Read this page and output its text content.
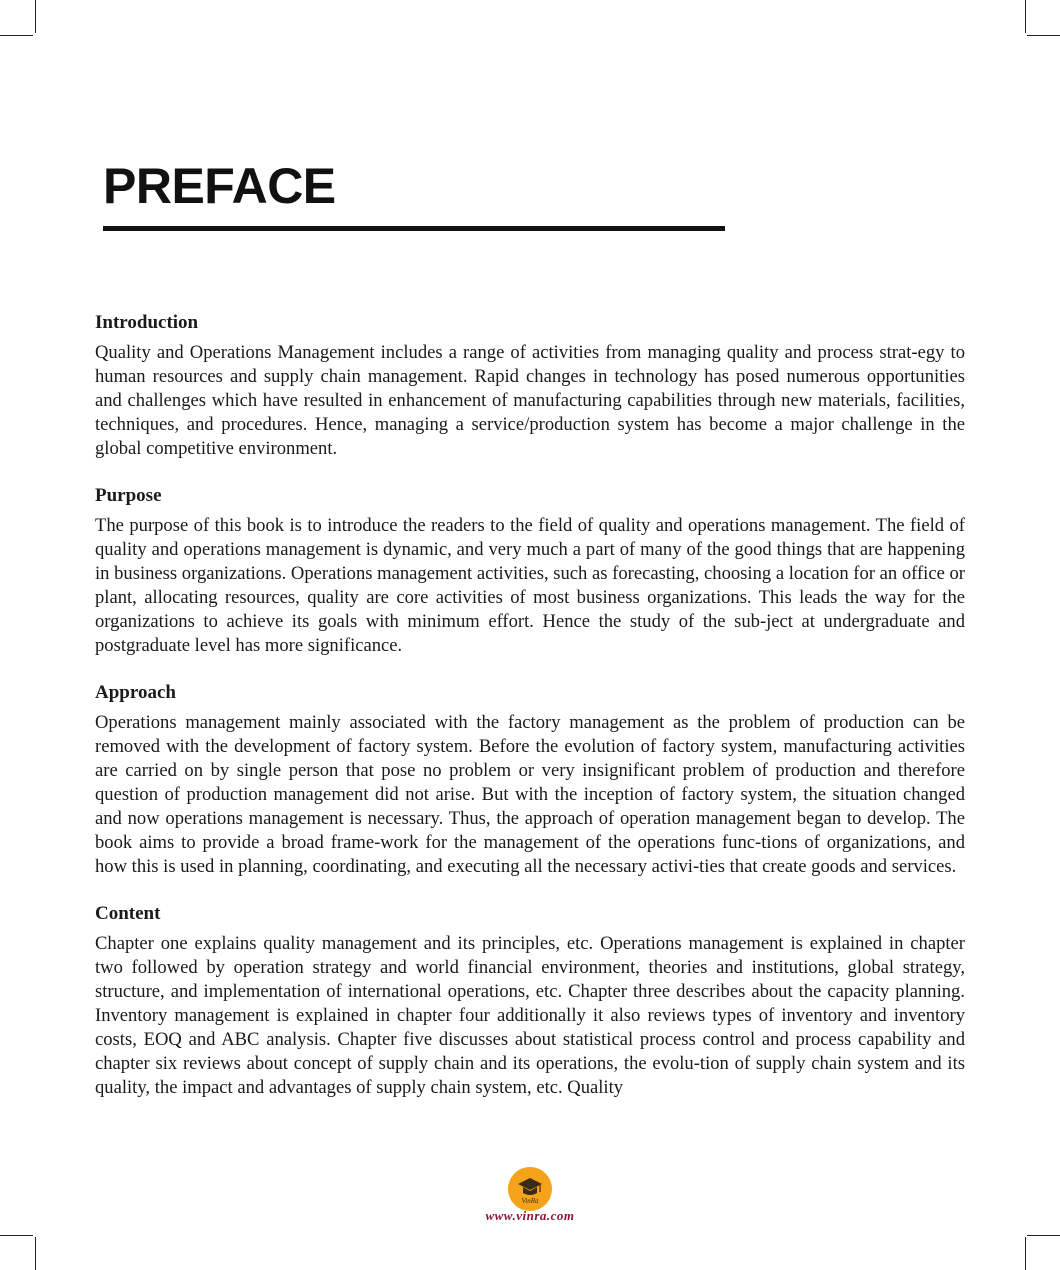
PREFACE
Introduction

Quality and Operations Management includes a range of activities from managing quality and process strat-egy to human resources and supply chain management. Rapid changes in technology has posed numerous opportunities and challenges which have resulted in enhancement of manufacturing capabilities through new materials, facilities, techniques, and procedures. Hence, managing a service/production system has become a major challenge in the global competitive environment.

Purpose

The purpose of this book is to introduce the readers to the field of quality and operations management. The field of quality and operations management is dynamic, and very much a part of many of the good things that are happening in business organizations. Operations management activities, such as forecasting, choosing a location for an office or plant, allocating resources, quality are core activities of most business organizations. This leads the way for the organizations to achieve its goals with minimum effort. Hence the study of the sub-ject at undergraduate and postgraduate level has more significance.

Approach

Operations management mainly associated with the factory management as the problem of production can be removed with the development of factory system. Before the evolution of factory system, manufacturing activities are carried on by single person that pose no problem or very insignificant problem of production and therefore question of production management did not arise. But with the inception of factory system, the situation changed and now operations management is necessary. Thus, the approach of operation management began to develop. The book aims to provide a broad frame-work for the management of the operations func-tions of organizations, and how this is used in planning, coordinating, and executing all the necessary activi-ties that create goods and services.

Content

Chapter one explains quality management and its principles, etc. Operations management is explained in chapter two followed by operation strategy and world financial environment, theories and institutions, global strategy, structure, and implementation of international operations, etc. Chapter three describes about the capacity planning. Inventory management is explained in chapter four additionally it also reviews types of inventory and inventory costs, EOQ and ABC analysis. Chapter five discusses about statistical process control and process capability and chapter six reviews about concept of supply chain and its operations, the evolu-tion of supply chain system and its quality, the impact and advantages of supply chain system, etc. Quality

VinRa
www.vinra.com
